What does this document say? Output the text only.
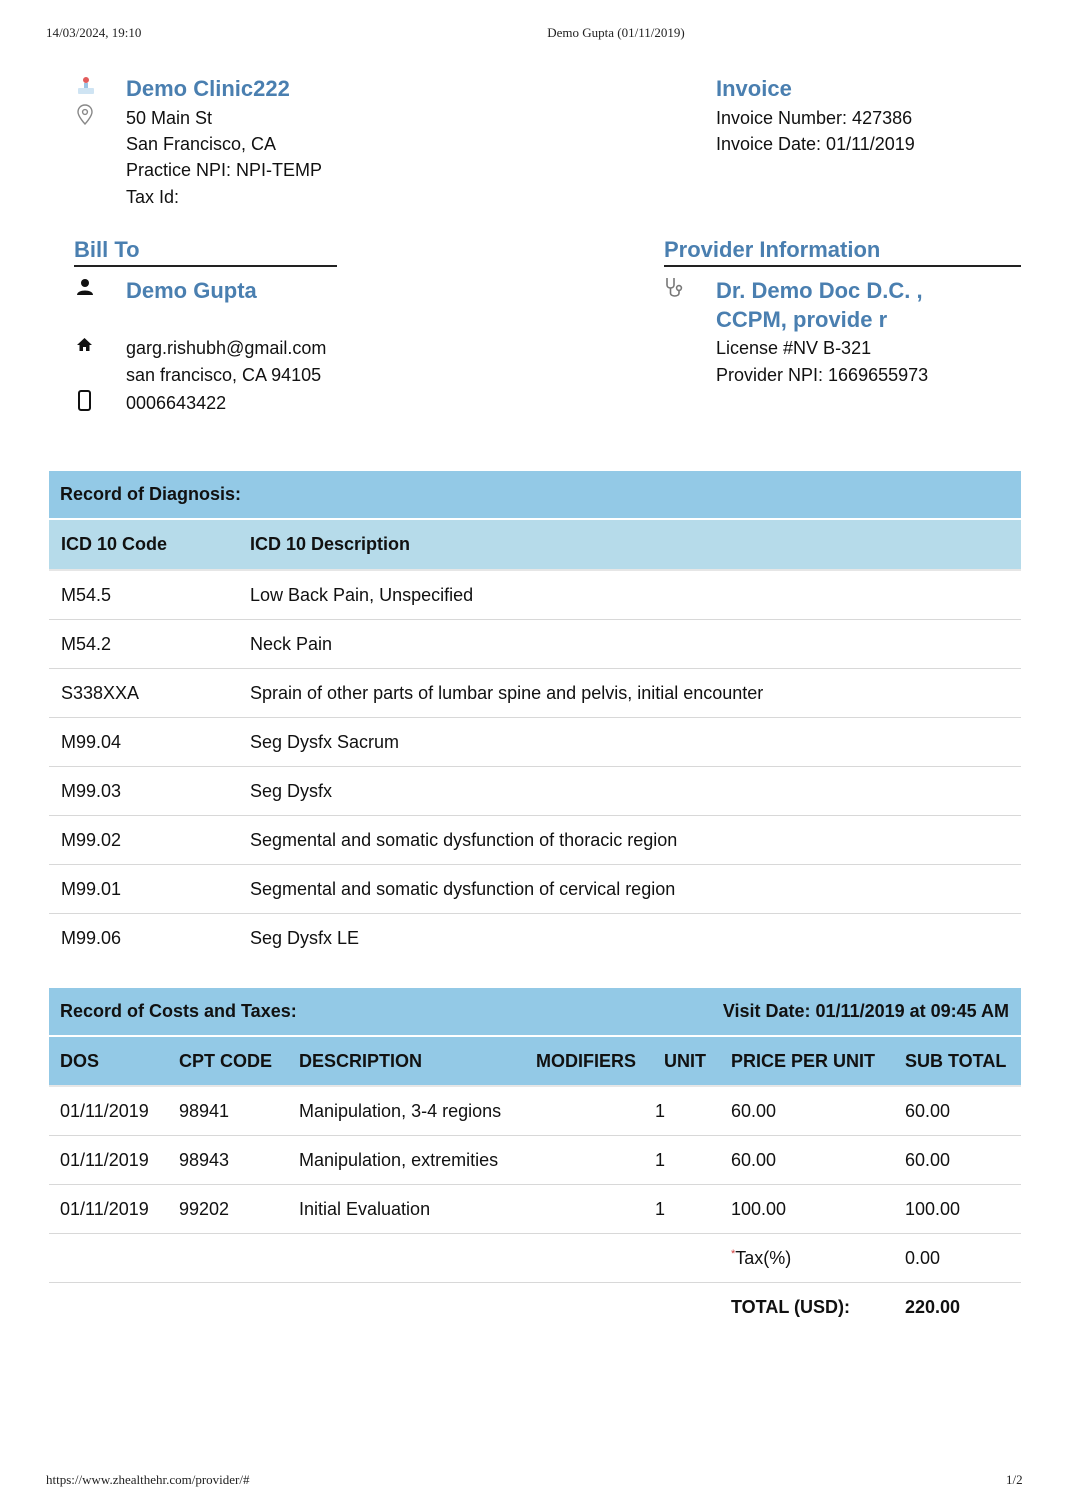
14/03/2024, 19:10	Demo Gupta (01/11/2019)
https://www.zhealthehr.com/provider/#	1/2
Demo Clinic222
50 Main St
San Francisco, CA
Practice NPI: NPI-TEMP
Tax Id:
Invoice
Invoice Number: 427386
Invoice Date: 01/11/2019
Bill To
Demo Gupta
garg.rishubh@gmail.com
san francisco, CA 94105
0006643422
Provider Information
Dr. Demo Doc D.C. ,
CCPM, provide r
License #NV B-321
Provider NPI: 1669655973
Record of Diagnosis:
ICD 10 Code	ICD 10 Description
M54.5	Low Back Pain, Unspecified
M54.2	Neck Pain
S338XXA	Sprain of other parts of lumbar spine and pelvis, initial encounter
M99.04	Seg Dysfx Sacrum
M99.03	Seg Dysfx
M99.02	Segmental and somatic dysfunction of thoracic region
M99.01	Segmental and somatic dysfunction of cervical region
M99.06	Seg Dysfx LE
Record of Costs and Taxes:	Visit Date: 01/11/2019 at 09:45 AM
DOS	CPT CODE	DESCRIPTION	MODIFIERS	UNIT	PRICE PER UNIT	SUB TOTAL
01/11/2019	98941	Manipulation, 3-4 regions		1	60.00	60.00
01/11/2019	98943	Manipulation, extremities		1	60.00	60.00
01/11/2019	99202	Initial Evaluation		1	100.00	100.00
					*Tax(%)	0.00
					TOTAL (USD):	220.00
